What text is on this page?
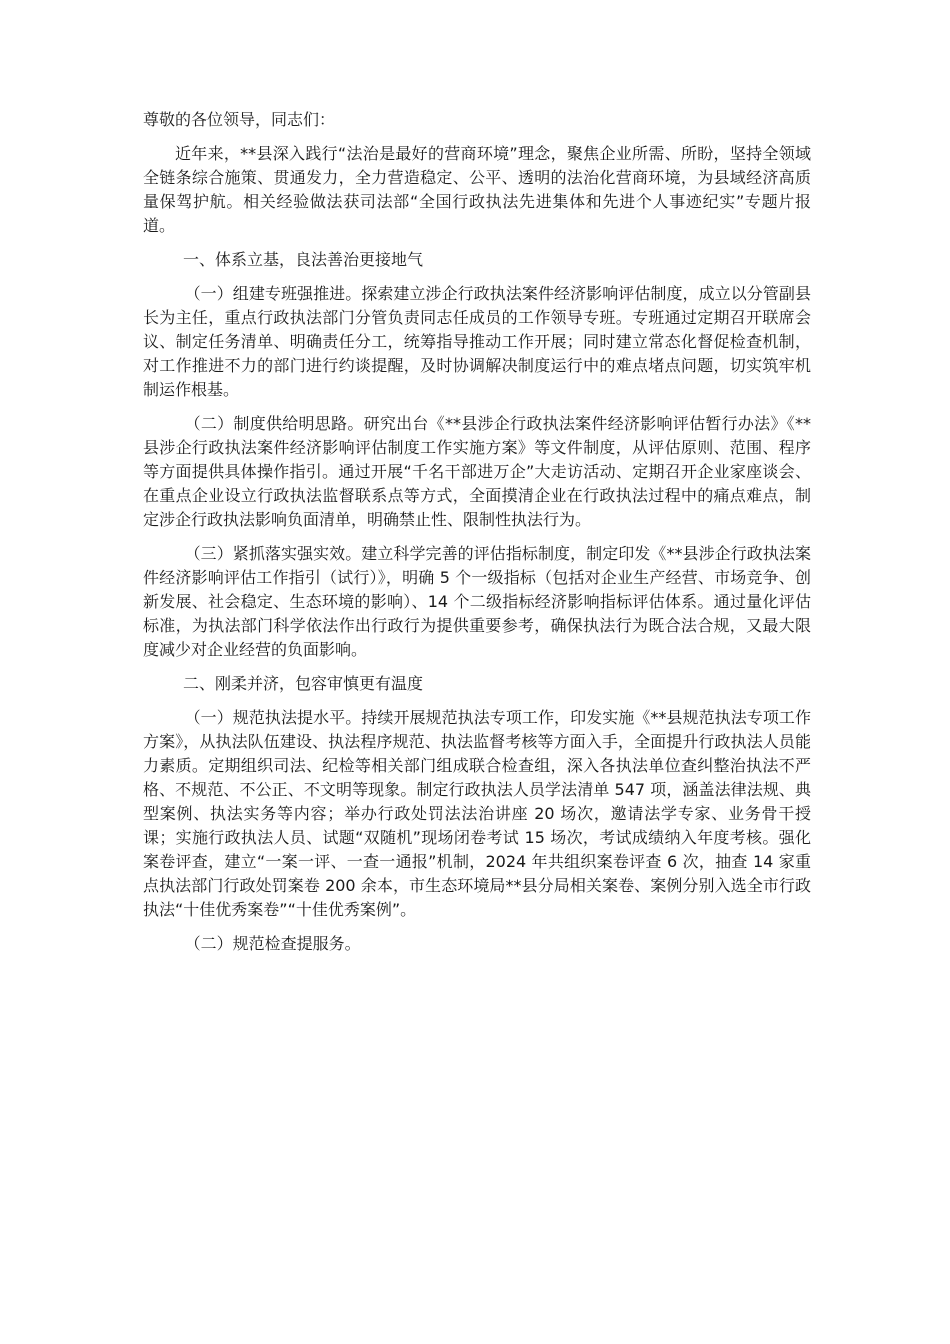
尊敬的各位领导，同志们：

近年来，**县深入践行“法治是最好的营商环境”理念，聚焦企业所需、所盼，坚持全领域全链条综合施策、贯通发力，全力营造稳定、公平、透明的法治化营商环境，为县域经济高质量保驾护航。相关经验做法获司法部“全国行政执法先进集体和先进个人事迹纪实”专题片报道。

一、体系立基，良法善治更接地气

（一）组建专班强推进。探索建立涉企行政执法案件经济影响评估制度，成立以分管副县长为主任，重点行政执法部门分管负责同志任成员的工作领导专班。专班通过定期召开联席会议、制定任务清单、明确责任分工，统筹指导推动工作开展；同时建立常态化督促检查机制，对工作推进不力的部门进行约谈提醒，及时协调解决制度运行中的难点堵点问题，切实筑牢机制运作根基。

（二）制度供给明思路。研究出台《**县涉企行政执法案件经济影响评估暂行办法》《**县涉企行政执法案件经济影响评估制度工作实施方案》等文件制度，从评估原则、范围、程序等方面提供具体操作指引。通过开展“千名干部进万企”大走访活动、定期召开企业家座谈会、在重点企业设立行政执法监督联系点等方式，全面摸清企业在行政执法过程中的痛点难点，制定涉企行政执法影响负面清单，明确禁止性、限制性执法行为。

（三）紧抓落实强实效。建立科学完善的评估指标制度，制定印发《**县涉企行政执法案件经济影响评估工作指引（试行）》，明确 5 个一级指标（包括对企业生产经营、市场竞争、创新发展、社会稳定、生态环境的影响）、14 个二级指标经济影响指标评估体系。通过量化评估标准，为执法部门科学依法作出行政行为提供重要参考，确保执法行为既合法合规，又最大限度减少对企业经营的负面影响。

二、刚柔并济，包容审慎更有温度

（一）规范执法提水平。持续开展规范执法专项工作，印发实施《**县规范执法专项工作方案》，从执法队伍建设、执法程序规范、执法监督考核等方面入手，全面提升行政执法人员能力素质。定期组织司法、纪检等相关部门组成联合检查组，深入各执法单位查纠整治执法不严格、不规范、不公正、不文明等现象。制定行政执法人员学法清单 547 项，涵盖法律法规、典型案例、执法实务等内容；举办行政处罚法法治讲座 20 场次，邀请法学专家、业务骨干授课；实施行政执法人员、试题“双随机”现场闭卷考试 15 场次，考试成绩纳入年度考核。强化案卷评查，建立“一案一评、一查一通报”机制，2024 年共组织案卷评查 6 次，抽查 14 家重点执法部门行政处罚案卷 200 余本，市生态环境局**县分局相关案卷、案例分别入选全市行政执法“十佳优秀案卷”“十佳优秀案例”。

（二）规范检查提服务。
